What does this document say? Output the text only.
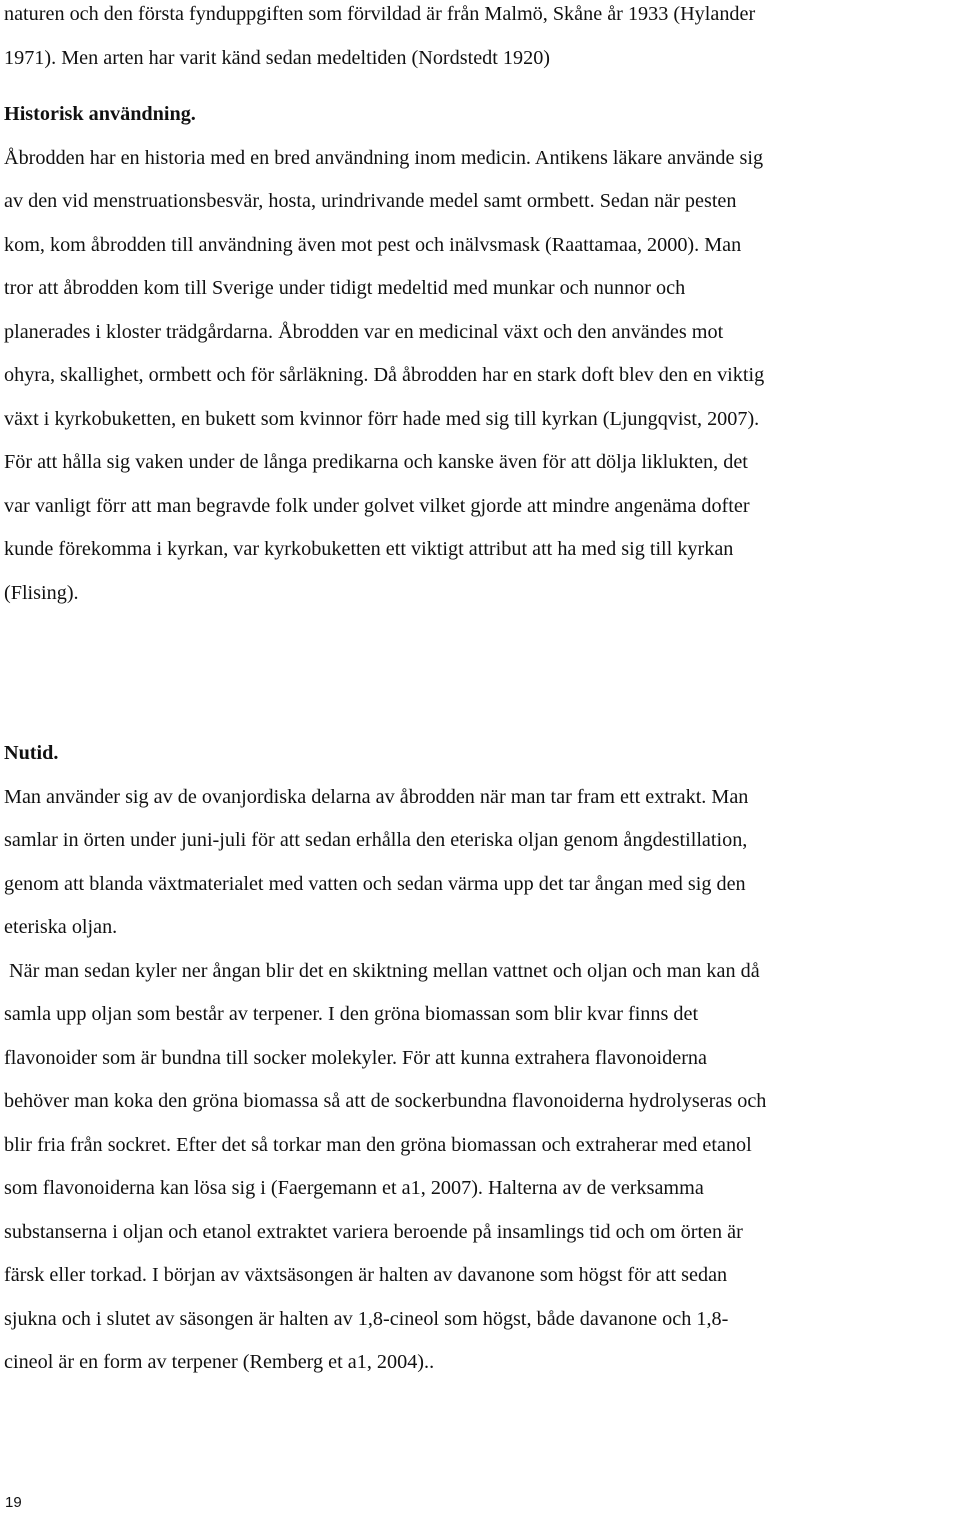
naturen och den första fynduppgiften som förvildad är från Malmö, Skåne år 1933 (Hylander
1971). Men arten har varit känd sedan medeltiden (Nordstedt 1920)
Historisk användning.
Åbrodden har en historia med en bred användning inom medicin. Antikens läkare använde sig
av den vid menstruationsbesvär, hosta, urindrivande medel samt ormbett. Sedan när pesten
kom, kom åbrodden till användning även mot pest och inälvsmask (Raattamaa, 2000). Man
tror att åbrodden kom till Sverige under tidigt medeltid med munkar och nunnor och
planerades i kloster trädgårdarna. Åbrodden var en medicinal växt och den användes mot
ohyra, skallighet, ormbett och för sårläkning. Då åbrodden har en stark doft blev den en viktig
växt i kyrkobuketten, en bukett som kvinnor förr hade med sig till kyrkan (Ljungqvist, 2007).
För att hålla sig vaken under de långa predikarna och kanske även för att dölja liklukten, det
var vanligt förr att man begravde folk under golvet vilket gjorde att mindre angenäma dofter
kunde förekomma i kyrkan, var kyrkobuketten ett viktigt attribut att ha med sig till kyrkan
(Flising).
Nutid.
Man använder sig av de ovanjordiska delarna av åbrodden när man tar fram ett extrakt. Man
samlar in örten under juni-juli för att sedan erhålla den eteriska oljan genom ångdestillation,
genom att blanda växtmaterialet med vatten och sedan värma upp det tar ångan med sig den
eteriska oljan.
När man sedan kyler ner ångan blir det en skiktning mellan vattnet och oljan och man kan då
samla upp oljan som består av terpener. I den gröna biomassan som blir kvar finns det
flavonoider som är bundna till socker molekyler. För att kunna extrahera flavonoiderna
behöver man koka den gröna biomassa så att de sockerbundna flavonoiderna hydrolyseras och
blir fria från sockret. Efter det så torkar man den gröna biomassan och extraherar med etanol
som flavonoiderna kan lösa sig i (Faergemann et a1, 2007). Halterna av de verksamma
substanserna i oljan och etanol extraktet variera beroende på insamlings tid och om örten är
färsk eller torkad. I början av växtsäsongen är halten av davanone som högst för att sedan
sjukna och i slutet av säsongen är halten av 1,8-cineol som högst, både davanone och 1,8-
cineol är en form av terpener (Remberg et a1, 2004)..
19
